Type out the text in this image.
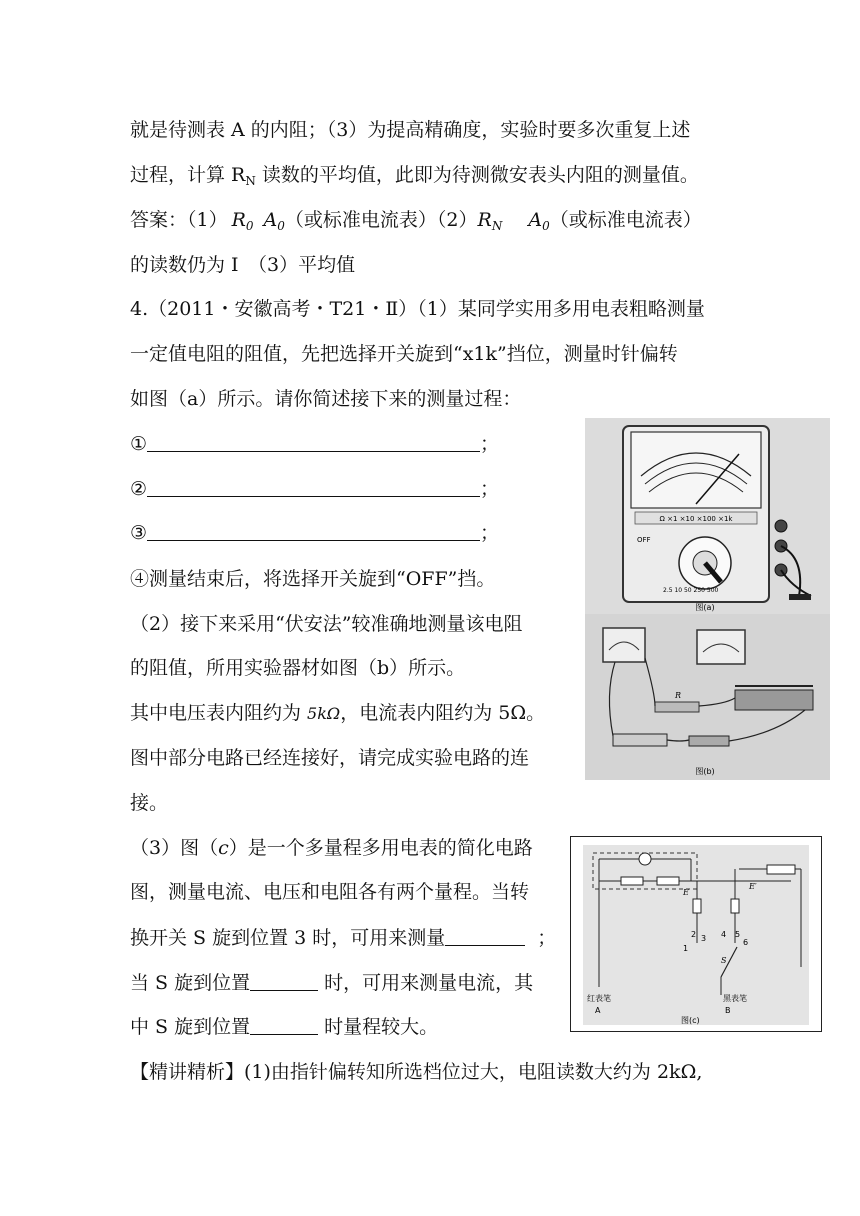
就是待测表 A 的内阻；（3）为提高精确度，实验时要多次重复上述
过程，计算 $R_N$ 读数的平均值，此即为待测微安表头内阻的测量值。
答案：（1） $R_0$ $A_0$（或标准电流表）$(2)R_N$ $A_0$（或标准电流表）
的读数仍为 I　（3）平均值
4.（2011・安徽高考・T21・Ⅱ）（1）某同学实用多用电表粗略测量
一定值电阻的阻值，先把选择开关旋到“x1k”挡位，测量时针偏转
如图（a）所示。请你简述接下来的测量过程：
①	；
②	；
③	；
④测量结束后，将选择开关旋到“OFF”挡。
（2）接下来采用“伏安法”较准确地测量该电阻
的阻值，所用实验器材如图（b）所示。
其中电压表内阻约为 5kΩ，电流表内阻约为 5Ω。
图中部分电路已经连接好，请完成实验电路的连
接。
（3）图（c）是一个多量程多用电表的简化电路
图，测量电流、电压和电阻各有两个量程。当转
换开关 S 旋到位置 3 时，可用来测量	；
当 S 旋到位置	时，可用来测量电流，其
中 S 旋到位置	时量程较大。
【精讲精析】(1)由指针偏转知所选档位过大，电阻读数大约为 2kΩ,
Ω ×1 ×10 ×100 ×1k
OFF
2.5 10 50 250 500
图(a)
R
图(b)
E
E′
2 3
1
4 5
6
S
红表笔
A
黑表笔
B
图(c)
